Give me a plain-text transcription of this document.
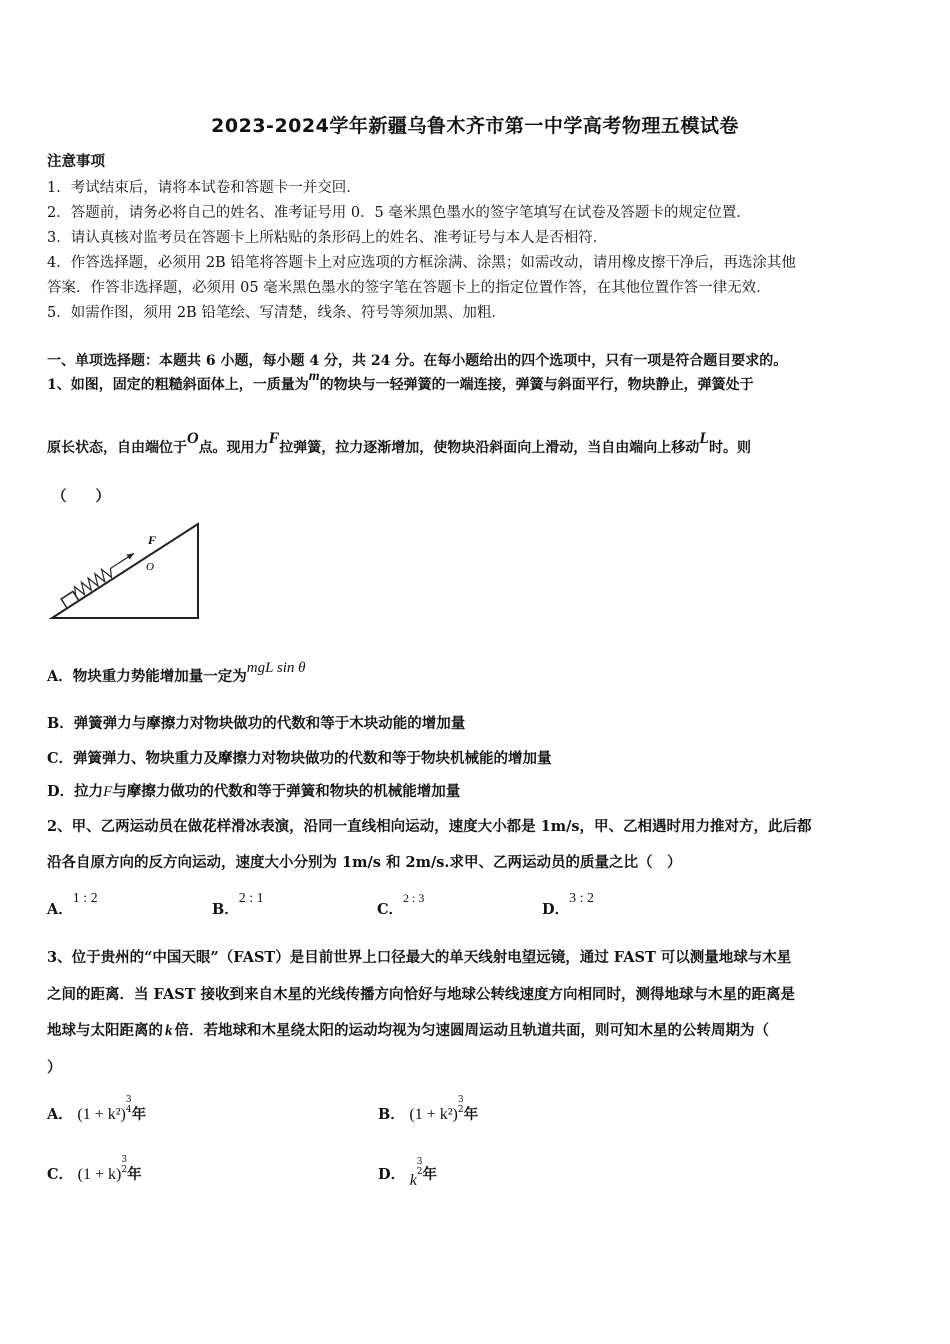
2023-2024学年新疆乌鲁木齐市第一中学高考物理五模试卷
注意事项
1．考试结束后，请将本试卷和答题卡一并交回．
2．答题前，请务必将自己的姓名、准考证号用 0．5 毫米黑色墨水的签字笔填写在试卷及答题卡的规定位置．
3．请认真核对监考员在答题卡上所粘贴的条形码上的姓名、准考证号与本人是否相符．
4．作答选择题，必须用 2B 铅笔将答题卡上对应选项的方框涂满、涂黑；如需改动，请用橡皮擦干净后，再选涂其他
答案．作答非选择题，必须用 05 毫米黑色墨水的签字笔在答题卡上的指定位置作答，在其他位置作答一律无效．
5．如需作图，须用 2B 铅笔绘、写清楚，线条、符号等须加黑、加粗．
一、单项选择题：本题共 6 小题，每小题 4 分，共 24 分。在每小题给出的四个选项中，只有一项是符合题目要求的。
1、如图，固定的粗糙斜面体上，一质量为m的物块与一轻弹簧的一端连接，弹簧与斜面平行，物块静止，弹簧处于
原长状态，自由端位于O点。现用力F拉弹簧，拉力逐渐增加，使物块沿斜面向上滑动，当自由端向上移动L时。则
（　　）
F
O
A．物块重力势能增加量一定为mgL sin θ
B．弹簧弹力与摩擦力对物块做功的代数和等于木块动能的增加量
C．弹簧弹力、物块重力及摩擦力对物块做功的代数和等于物块机械能的增加量
D．拉力F与摩擦力做功的代数和等于弹簧和物块的机械能增加量
2、甲、乙两运动员在做花样滑冰表演，沿同一直线相向运动，速度大小都是 1m/s，甲、乙相遇时用力推对方，此后都
沿各自原方向的反方向运动，速度大小分别为 1m/s 和 2m/s.求甲、乙两运动员的质量之比（　）
A．1 : 2
B．2 : 1
C．$^{2 : 3}$
D．3 : 2
3、位于贵州的“中国天眼”（FAST）是目前世界上口径最大的单天线射电望远镜，通过 FAST 可以测量地球与木星
之间的距离．当 FAST 接收到来自木星的光线传播方向恰好与地球公转线速度方向相同时，测得地球与木星的距离是
地球与太阳距离的 k 倍．若地球和木星绕太阳的运动均视为匀速圆周运动且轨道共面，则可知木星的公转周期为（
）
A． (1 + k²)3
4年	B． (1 + k²)3
2年
C． (1 + k)3
2年	D． k3
2年
